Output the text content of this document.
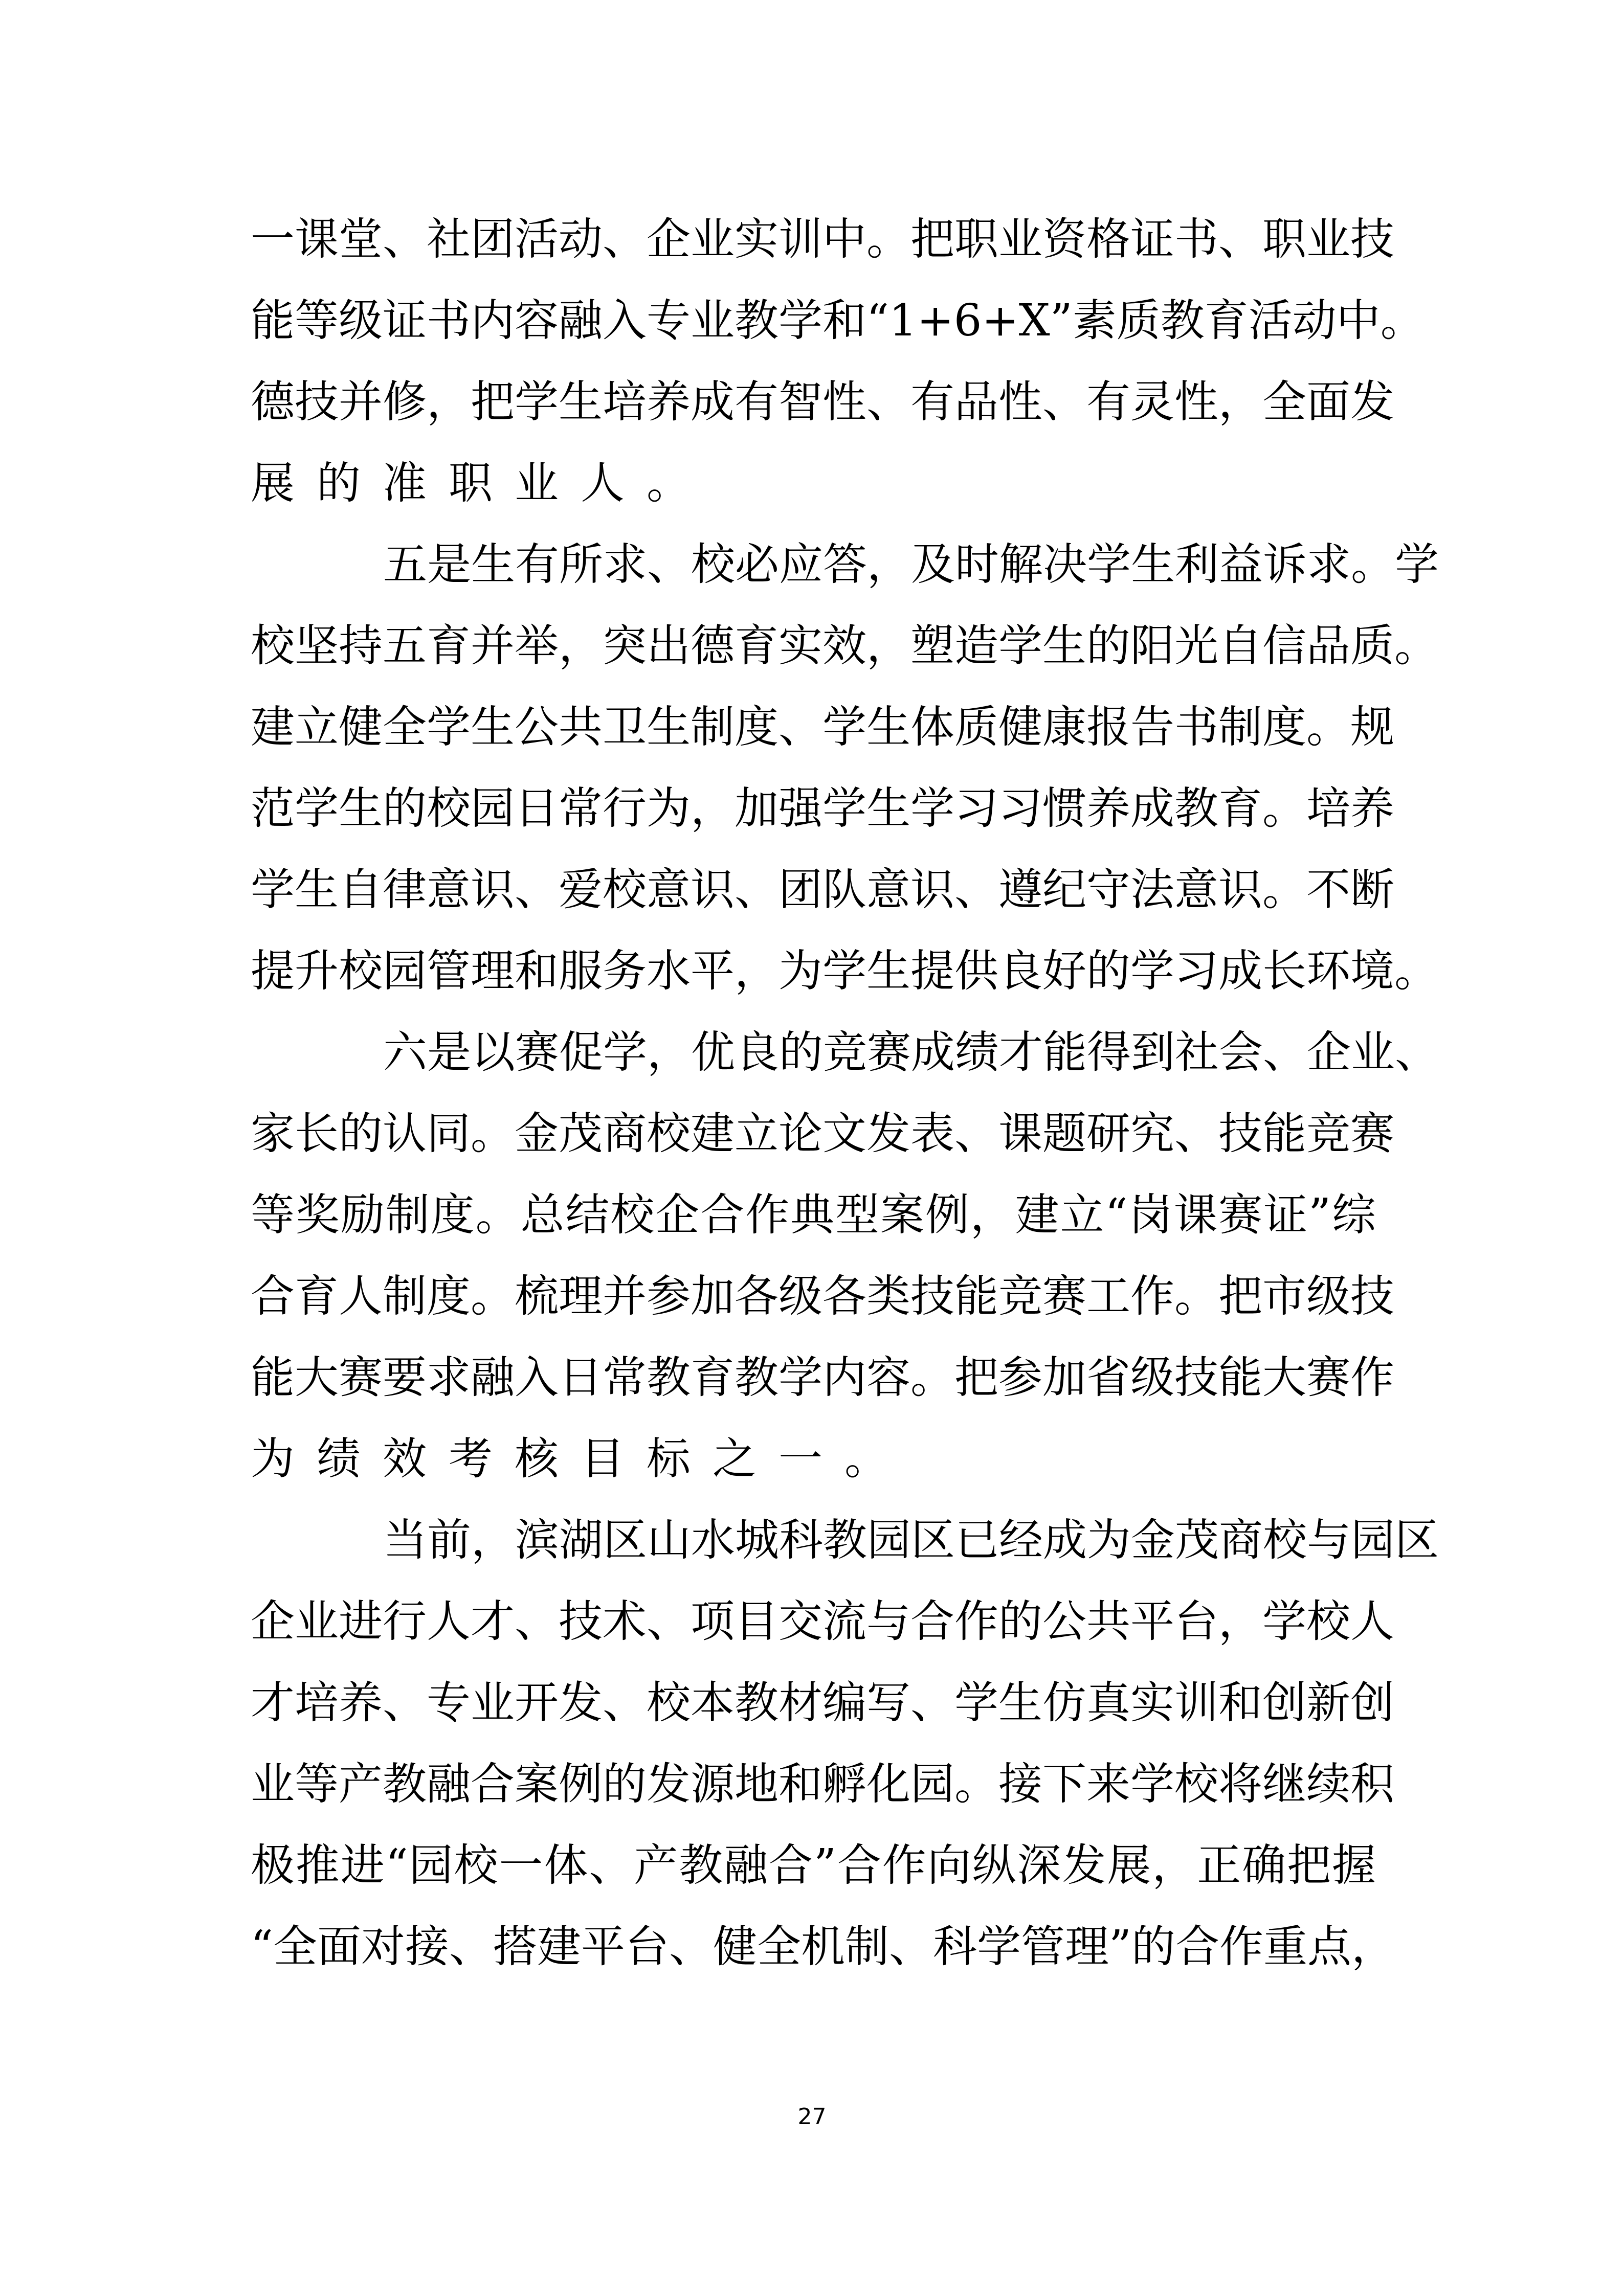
一 课 堂 、 社 团 活 动 、 企 业 实 训 中 。 把 职 业 资 格 证 书 、 职 业 技
能 等 级 证 书 内 容 融 入 专 业 教 学 和 “ 1+6+X ” 素 质 教 育 活 动 中 。
德 技 并 修 ， 把 学 生 培 养 成 有 智 性 、 有 品 性 、 有 灵 性 ， 全 面 发
展 的 准 职 业 人 。
五 是 生 有 所 求 、 校 必 应 答 ， 及 时 解 决 学 生 利 益 诉 求 。 学
校 坚 持 五 育 并 举 ， 突 出 德 育 实 效 ， 塑 造 学 生 的 阳 光 自 信 品 质 。
建 立 健 全 学 生 公 共 卫 生 制 度 、 学 生 体 质 健 康 报 告 书 制 度 。 规
范 学 生 的 校 园 日 常 行 为 ， 加 强 学 生 学 习 习 惯 养 成 教 育 。 培 养
学 生 自 律 意 识 、 爱 校 意 识 、 团 队 意 识 、 遵 纪 守 法 意 识 。 不 断
提 升 校 园 管 理 和 服 务 水 平 ， 为 学 生 提 供 良 好 的 学 习 成 长 环 境 。
六 是 以 赛 促 学 ， 优 良 的 竞 赛 成 绩 才 能 得 到 社 会 、 企 业 、
家 长 的 认 同 。 金 茂 商 校 建 立 论 文 发 表 、 课 题 研 究 、 技 能 竞 赛
等 奖 励 制 度 。 总 结 校 企 合 作 典 型 案 例 ， 建 立 “ 岗 课 赛 证 ” 综
合 育 人 制 度 。 梳 理 并 参 加 各 级 各 类 技 能 竞 赛 工 作 。 把 市 级 技
能 大 赛 要 求 融 入 日 常 教 育 教 学 内 容 。 把 参 加 省 级 技 能 大 赛 作
为 绩 效 考 核 目 标 之 一 。
当 前 ， 滨 湖 区 山 水 城 科 教 园 区 已 经 成 为 金 茂 商 校 与 园 区
企 业 进 行 人 才 、 技 术 、 项 目 交 流 与 合 作 的 公 共 平 台 ， 学 校 人
才 培 养 、 专 业 开 发 、 校 本 教 材 编 写 、 学 生 仿 真 实 训 和 创 新 创
业 等 产 教 融 合 案 例 的 发 源 地 和 孵 化 园 。 接 下 来 学 校 将 继 续 积
极 推 进 “ 园 校 一 体 、 产 教 融 合 ” 合 作 向 纵 深 发 展 ， 正 确 把 握
“ 全 面 对 接 、 搭 建 平 台 、 健 全 机 制 、 科 学 管 理 ” 的 合 作 重 点 ，
27
